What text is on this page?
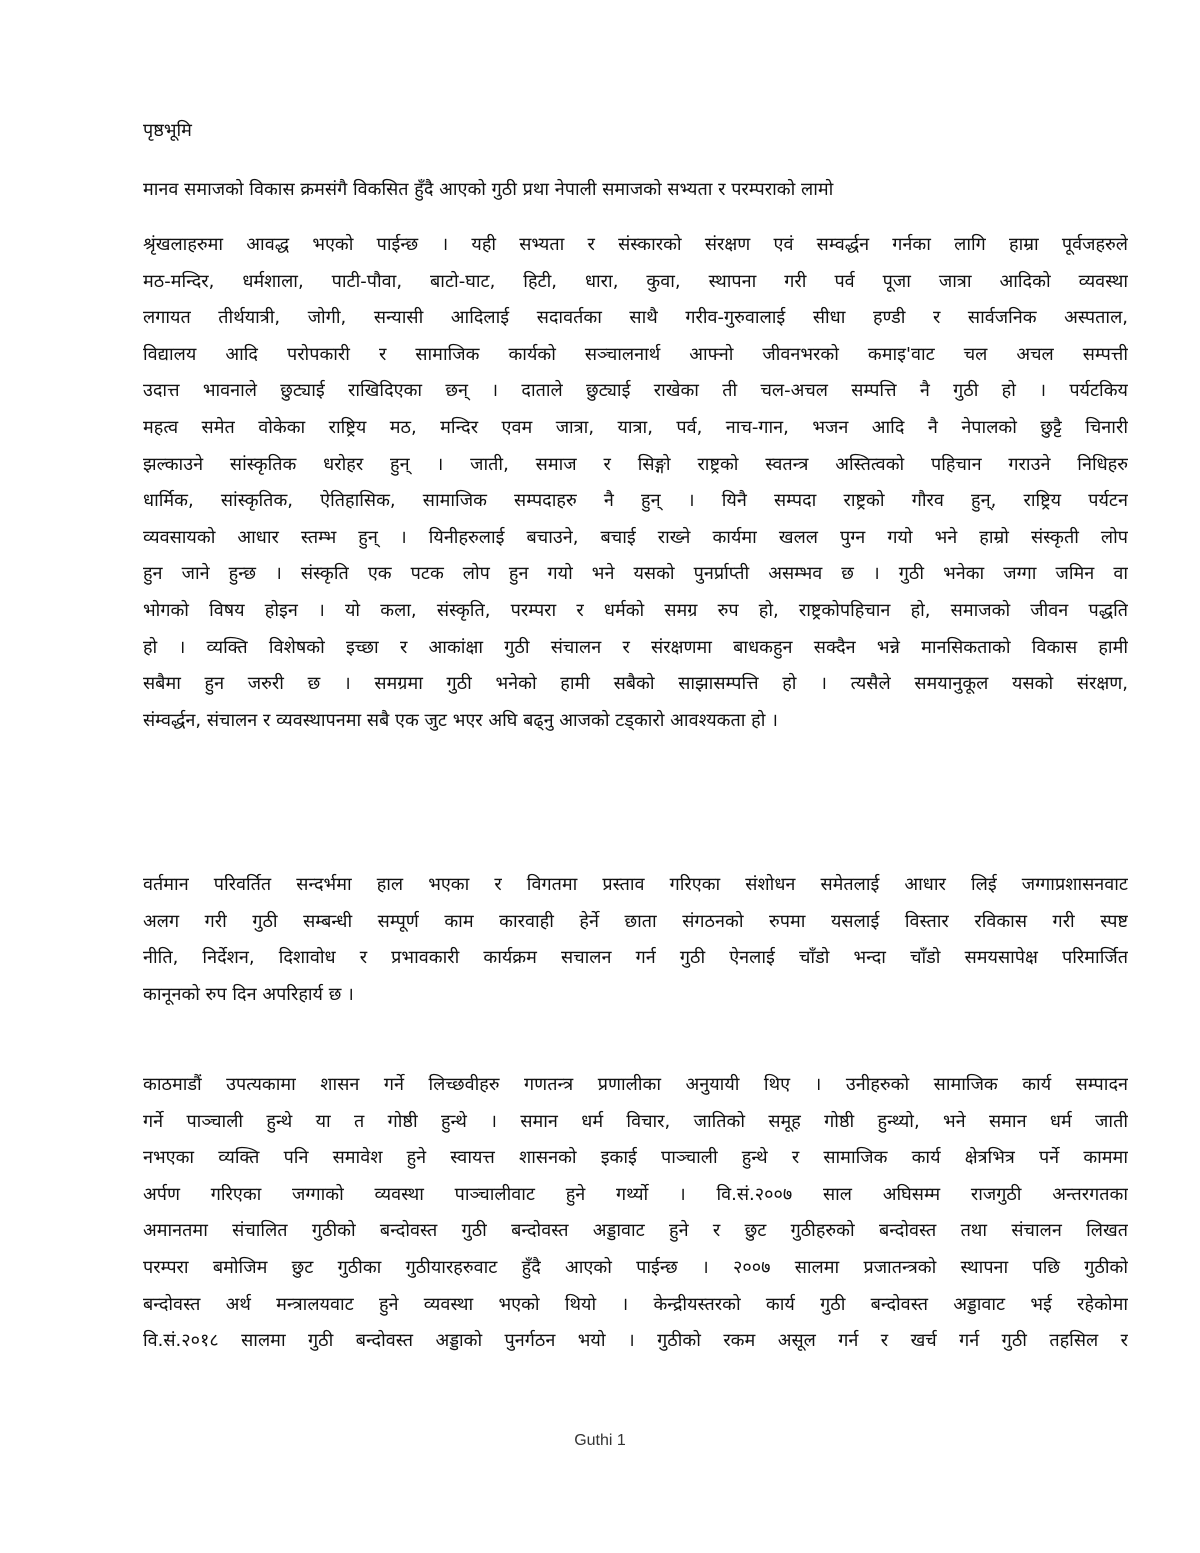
पृष्ठभूमि
मानव समाजको विकास क्रमसंगै विकसित हुँदै आएको गुठी प्रथा नेपाली समाजको सभ्यता र परम्पराको लामो
श्रृंखलाहरुमा आवद्ध भएको पाईन्छ । यही सभ्यता र संस्कारको संरक्षण एवं सम्वर्द्धन गर्नका लागि हाम्रा पूर्वजहरुले
मठ-मन्दिर, धर्मशाला, पाटी-पौवा, बाटो-घाट, हिटी, धारा, कुवा, स्थापना गरी पर्व पूजा जात्रा आदिको व्यवस्था
लगायत तीर्थयात्री, जोगी, सन्यासी आदिलाई सदावर्तका साथै गरीव-गुरुवालाई सीधा हण्डी र सार्वजनिक अस्पताल,
विद्यालय आदि परोपकारी र सामाजिक कार्यको सञ्चालनार्थ आफ्नो जीवनभरको कमाइ'वाट चल अचल सम्पत्ती
उदात्त भावनाले छुट्याई राखिदिएका छन् । दाताले छुट्याई राखेका ती चल-अचल सम्पत्ति नै गुठी हो । पर्यटकिय
महत्व समेत वोकेका राष्ट्रिय मठ, मन्दिर एवम जात्रा, यात्रा, पर्व, नाच-गान, भजन आदि नै नेपालको छुट्टै चिनारी
झल्काउने सांस्कृतिक धरोहर हुन् । जाती, समाज र सिङ्गो राष्ट्रको स्वतन्त्र अस्तित्वको पहिचान गराउने निधिहरु
धार्मिक, सांस्कृतिक, ऐतिहासिक, सामाजिक सम्पदाहरु नै हुन् । यिनै सम्पदा राष्ट्रको गौरव हुन्, राष्ट्रिय पर्यटन
व्यवसायको आधार स्तम्भ हुन् । यिनीहरुलाई बचाउने, बचाई राख्ने कार्यमा खलल पुग्न गयो भने हाम्रो संस्कृती लोप
हुन जाने हुन्छ । संस्कृति एक पटक लोप हुन गयो भने यसको पुनर्प्राप्ती असम्भव छ । गुठी भनेका जग्गा जमिन वा
भोगको विषय होइन । यो कला, संस्कृति, परम्परा र धर्मको समग्र रुप हो, राष्ट्रकोपहिचान हो, समाजको जीवन पद्धति
हो । व्यक्ति विशेषको इच्छा र आकांक्षा गुठी संचालन र संरक्षणमा बाधकहुन सक्दैन भन्ने मानसिकताको विकास हामी
सबैमा हुन जरुरी छ । समग्रमा गुठी भनेको हामी सबैको साझासम्पत्ति हो । त्यसैले समयानुकूल यसको संरक्षण,
संम्वर्द्धन, संचालन र व्यवस्थापनमा सबै एक जुट भएर अघि बढ्नु आजको टड्कारो आवश्यकता हो ।
वर्तमान परिवर्तित सन्दर्भमा हाल भएका र विगतमा प्रस्ताव गरिएका संशोधन समेतलाई आधार लिई जग्गाप्रशासनवाट
अलग गरी गुठी सम्बन्धी सम्पूर्ण काम कारवाही हेर्ने छाता संगठनको रुपमा यसलाई विस्तार रविकास गरी स्पष्ट
नीति, निर्देशन, दिशावोध र प्रभावकारी कार्यक्रम सचालन गर्न गुठी ऐनलाई चाँडो भन्दा चाँडो समयसापेक्ष परिमार्जित
कानूनको रुप दिन अपरिहार्य छ ।
काठमाडौं उपत्यकामा शासन गर्ने लिच्छवीहरु गणतन्त्र प्रणालीका अनुयायी थिए । उनीहरुको सामाजिक कार्य सम्पादन
गर्ने पाञ्चाली हुन्थे या त गोष्ठी हुन्थे । समान धर्म विचार, जातिको समूह गोष्ठी हुन्थ्यो, भने समान धर्म जाती
नभएका व्यक्ति पनि समावेश हुने स्वायत्त शासनको इकाई पाञ्चाली हुन्थे र सामाजिक कार्य क्षेत्रभित्र पर्ने काममा
अर्पण गरिएका जग्गाको व्यवस्था पाञ्चालीवाट हुने गर्थ्यो । वि.सं.२००७ साल अघिसम्म राजगुठी अन्तरगतका
अमानतमा संचालित गुठीको बन्दोवस्त गुठी बन्दोवस्त अड्डावाट हुने र छुट गुठीहरुको बन्दोवस्त तथा संचालन लिखत
परम्परा बमोजिम छुट गुठीका गुठीयारहरुवाट हुँदै आएको पाईन्छ । २००७ सालमा प्रजातन्त्रको स्थापना पछि गुठीको
बन्दोवस्त अर्थ मन्त्रालयवाट हुने व्यवस्था भएको थियो । केन्द्रीयस्तरको कार्य गुठी बन्दोवस्त अड्डावाट भई रहेकोमा
वि.सं.२०१८ सालमा गुठी बन्दोवस्त अड्डाको पुनर्गठन भयो । गुठीको रकम असूल गर्न र खर्च गर्न गुठी तहसिल र
Guthi 1
